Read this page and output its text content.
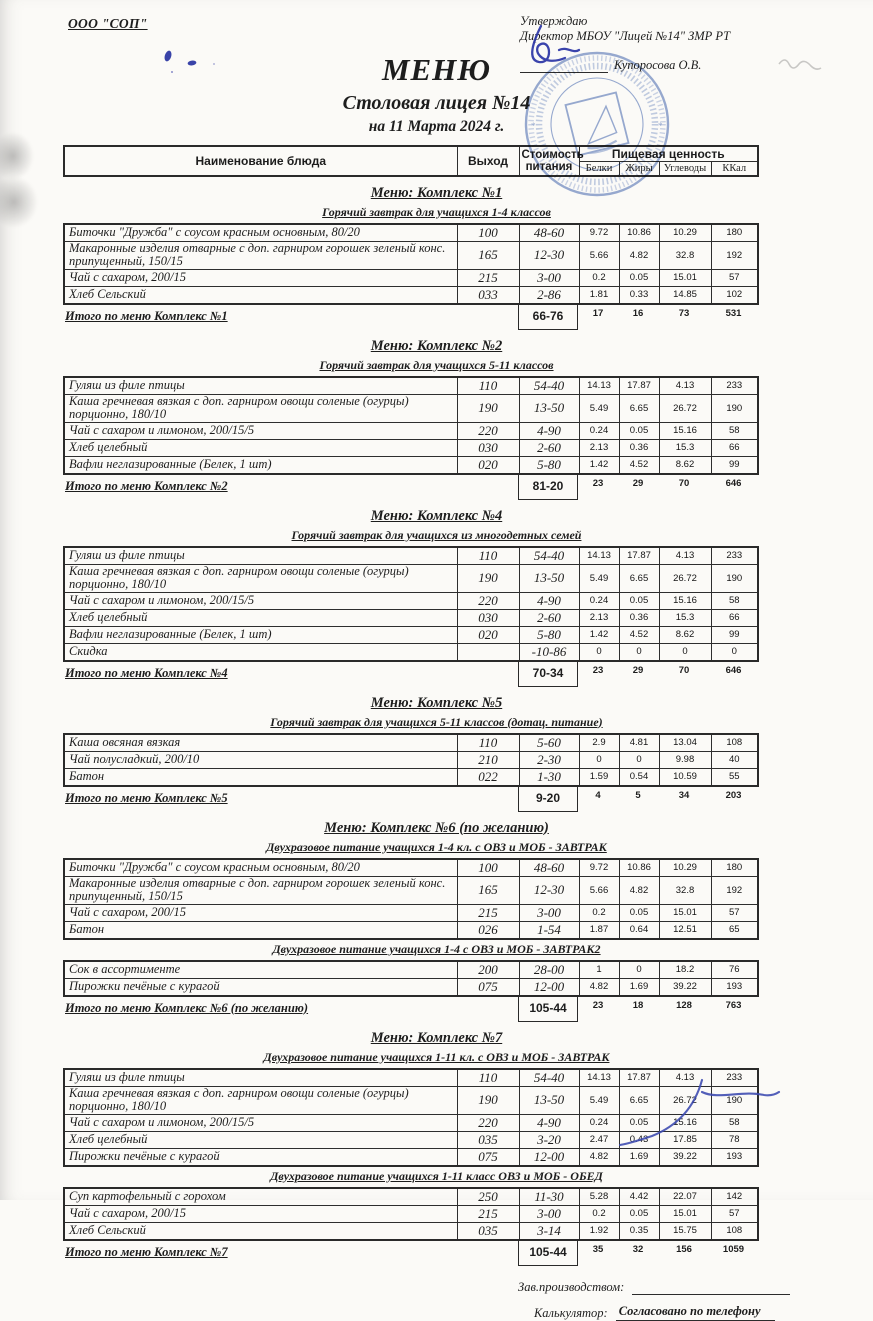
ООО "СОП"	Утверждаю
Директор МБОУ "Лицей №14" ЗМР РТ
Купоросова О.В.
МЕНЮ
Столовая лицея №14
на 11 Марта 2024 г.
Наименование блюда	Выход	Стоимость питания	Пищевая ценность			
			Белки	Жиры	Углеводы	ККал
Меню: Комплекс №1
Горячий завтрак для учащихся 1-4 классов
Биточки "Дружба" с соусом красным основным, 80/20	100	48-60	9.72	10.86	10.29	180
Макаронные изделия отварные с доп. гарниром горошек зеленый конс. припущенный, 150/15	165	12-30	5.66	4.82	32.8	192
Чай с сахаром, 200/15	215	3-00	0.2	0.05	15.01	57
Хлеб Сельский	033	2-86	1.81	0.33	14.85	102
Итого по меню Комплекс №1	66-76	17	16	73	531
Меню: Комплекс №2
Горячий завтрак для учащихся 5-11 классов
Гуляш из филе птицы	110	54-40	14.13	17.87	4.13	233
Каша гречневая вязкая с доп. гарниром овощи соленые (огурцы) порционно, 180/10	190	13-50	5.49	6.65	26.72	190
Чай с сахаром и лимоном, 200/15/5	220	4-90	0.24	0.05	15.16	58
Хлеб целебный	030	2-60	2.13	0.36	15.3	66
Вафли неглазированные (Белек, 1 шт)	020	5-80	1.42	4.52	8.62	99
Итого по меню Комплекс №2	81-20	23	29	70	646
Меню: Комплекс №4
Горячий завтрак для учащихся из многодетных семей
Гуляш из филе птицы	110	54-40	14.13	17.87	4.13	233
Каша гречневая вязкая с доп. гарниром овощи соленые (огурцы) порционно, 180/10	190	13-50	5.49	6.65	26.72	190
Чай с сахаром и лимоном, 200/15/5	220	4-90	0.24	0.05	15.16	58
Хлеб целебный	030	2-60	2.13	0.36	15.3	66
Вафли неглазированные (Белек, 1 шт)	020	5-80	1.42	4.52	8.62	99
Скидка		-10-86	0	0	0	0
Итого по меню Комплекс №4	70-34	23	29	70	646
Меню: Комплекс №5
Горячий завтрак для учащихся 5-11 классов (дотац. питание)
Каша овсяная вязкая	110	5-60	2.9	4.81	13.04	108
Чай полусладкий, 200/10	210	2-30	0	0	9.98	40
Батон	022	1-30	1.59	0.54	10.59	55
Итого по меню Комплекс №5	9-20	4	5	34	203
Меню: Комплекс №6 (по желанию)
Двухразовое питание учащихся 1-4 кл. с ОВЗ и МОБ - ЗАВТРАК
Биточки "Дружба" с соусом красным основным, 80/20	100	48-60	9.72	10.86	10.29	180
Макаронные изделия отварные с доп. гарниром горошек зеленый конс. припущенный, 150/15	165	12-30	5.66	4.82	32.8	192
Чай с сахаром, 200/15	215	3-00	0.2	0.05	15.01	57
Батон	026	1-54	1.87	0.64	12.51	65
Двухразовое питание учащихся 1-4 с ОВЗ и МОБ - ЗАВТРАК2
Сок в ассортименте	200	28-00	1	0	18.2	76
Пирожки печёные с курагой	075	12-00	4.82	1.69	39.22	193
Итого по меню Комплекс №6 (по желанию)	105-44	23	18	128	763
Меню: Комплекс №7
Двухразовое питание учащихся 1-11 кл. с ОВЗ и МОБ - ЗАВТРАК
Гуляш из филе птицы	110	54-40	14.13	17.87	4.13	233
Каша гречневая вязкая с доп. гарниром овощи соленые (огурцы) порционно, 180/10	190	13-50	5.49	6.65	26.72	190
Чай с сахаром и лимоном, 200/15/5	220	4-90	0.24	0.05	15.16	58
Хлеб целебный	035	3-20	2.47	0.43	17.85	78
Пирожки печёные с курагой	075	12-00	4.82	1.69	39.22	193
Двухразовое питание учащихся 1-11 класс ОВЗ и МОБ - ОБЕД
Суп картофельный с горохом	250	11-30	5.28	4.42	22.07	142
Чай с сахаром, 200/15	215	3-00	0.2	0.05	15.01	57
Хлеб Сельский	035	3-14	1.92	0.35	15.75	108
Итого по меню Комплекс №7	105-44	35	32	156	1059
Зав.производством:
Калькулятор: Согласовано по телефону
*	*
